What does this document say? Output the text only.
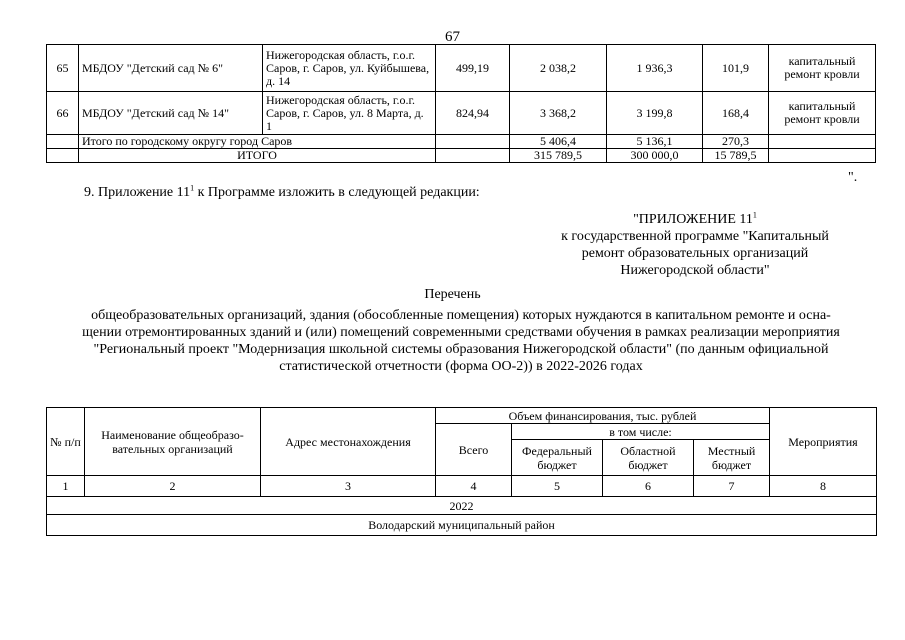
67
65	МБДОУ "Детский сад № 6"	Нижегородская область, г.о.г. Саров, г. Саров, ул. Куйбышева, д. 14	499,19	2 038,2	1 936,3	101,9	капитальный ремонт кровли
66	МБДОУ "Детский сад № 14"	Нижегородская область, г.о.г. Саров, г. Саров, ул. 8 Марта, д. 1	824,94	3 368,2	3 199,8	168,4	капитальный ремонт кровли
	Итого по городскому округу город Саров			5 406,4	5 136,1	270,3	
	ИТОГО			315 789,5	300 000,0	15 789,5	
".
9. Приложение $11^1$ к Программе изложить в следующей редакции:
"ПРИЛОЖЕНИЕ $11^1$
к государственной программе "Капитальный
ремонт образовательных организаций
Нижегородской области"
Перечень
общеобразовательных организаций, здания (обособленные помещения) которых нуждаются в капитальном ремонте и осна-
щении отремонтированных зданий и (или) помещений современными средствами обучения в рамках реализации мероприятия
"Региональный проект "Модернизация школьной системы образования Нижегородской области" (по данным официальной
статистической отчетности (форма ОО-2)) в 2022-2026 годах
№ п/п	Наименование общеобразо-вательных организаций	Адрес местонахождения	Объем финансирования, тыс. рублей				Мероприятия
			Всего	в том числе:			
				Федеральный бюджет	Областной бюджет	Местный бюджет	
1	2	3	4	5	6	7	8
2022							
Володарский муниципальный район							
